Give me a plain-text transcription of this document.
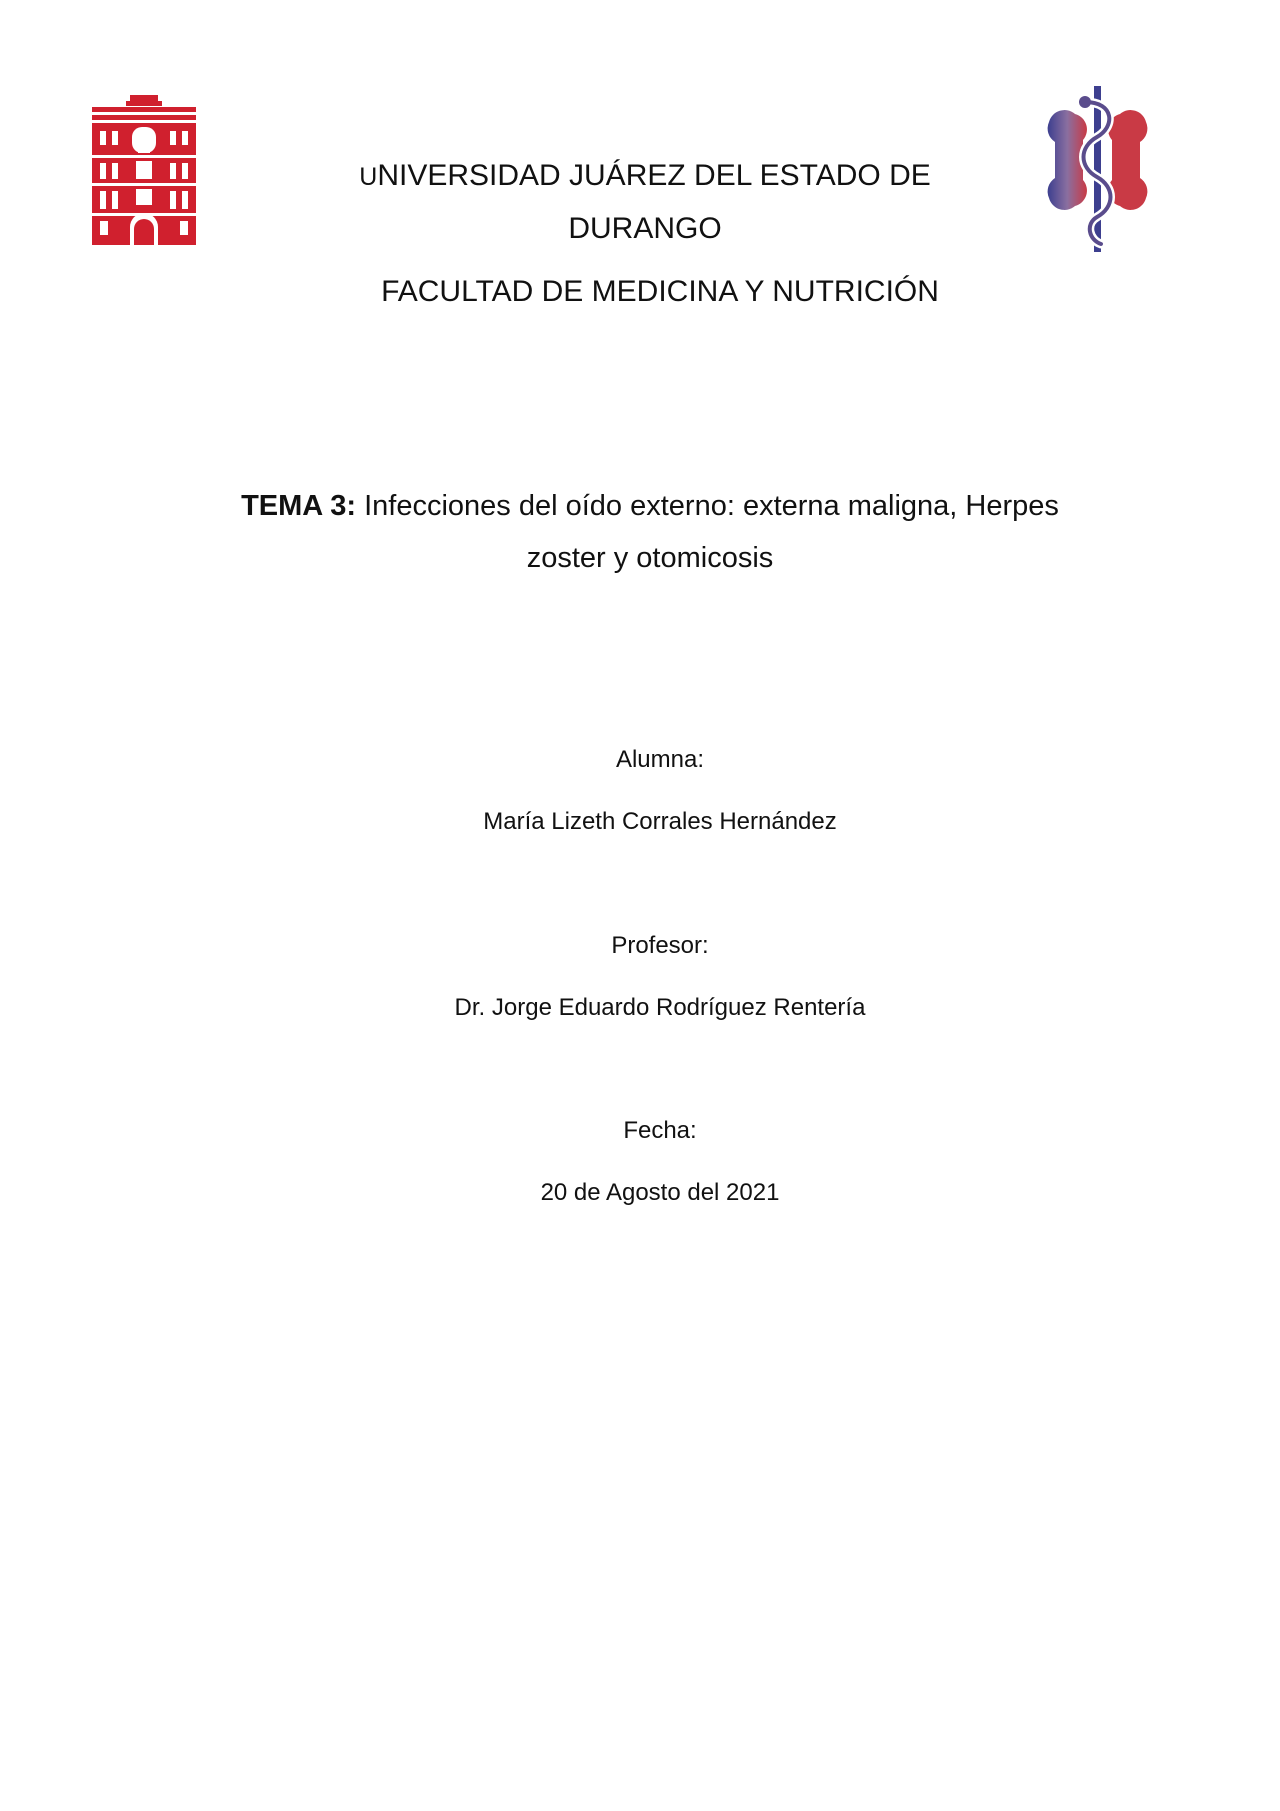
UNIVERSIDAD JUÁREZ DEL ESTADO DE DURANGO
FACULTAD DE MEDICINA Y NUTRICIÓN

TEMA 3: Infecciones del oído externo: externa maligna, Herpes zoster y otomicosis

Alumna:

María Lizeth Corrales Hernández

Profesor:

Dr. Jorge Eduardo Rodríguez Rentería

Fecha:

20 de Agosto del 2021
